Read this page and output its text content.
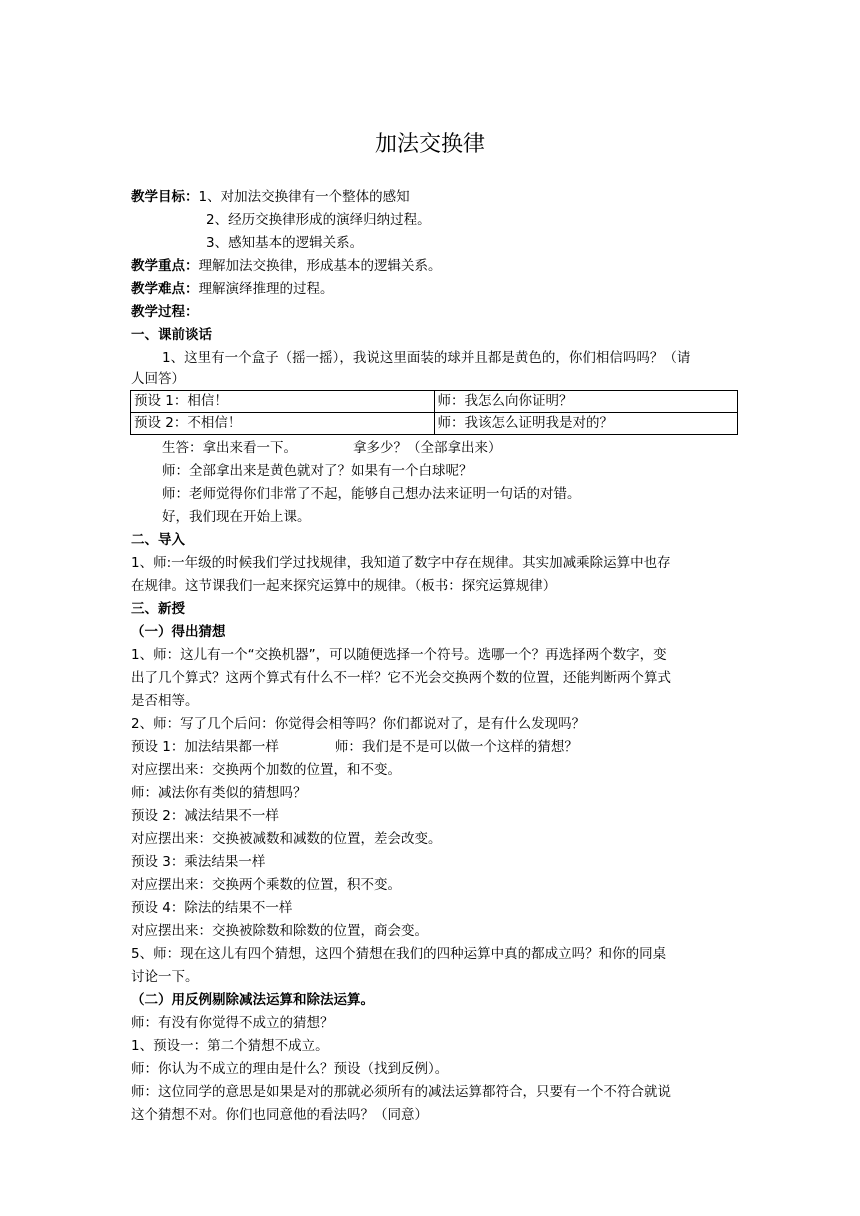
加法交换律
教学目标：1、对加法交换律有一个整体的感知
2、经历交换律形成的演绎归纳过程。
3、感知基本的逻辑关系。
教学重点：理解加法交换律，形成基本的逻辑关系。
教学难点：理解演绎推理的过程。
教学过程：
一、课前谈话
1、这里有一个盒子（摇一摇），我说这里面装的球并且都是黄色的，你们相信吗吗？（请
人回答）
预设 1：相信！	师：我怎么向你证明？
预设 2：不相信！	师：我该怎么证明我是对的？
生答：拿出来看一下。	拿多少？（全部拿出来）
师：全部拿出来是黄色就对了？如果有一个白球呢？
师：老师觉得你们非常了不起，能够自己想办法来证明一句话的对错。
好，我们现在开始上课。
二、导入
1、师:一年级的时候我们学过找规律，我知道了数字中存在规律。其实加减乘除运算中也存
在规律。这节课我们一起来探究运算中的规律。（板书：探究运算规律）
三、新授
（一）得出猜想
1、师：这儿有一个“交换机器”，可以随便选择一个符号。选哪一个？再选择两个数字，变
出了几个算式？这两个算式有什么不一样？它不光会交换两个数的位置，还能判断两个算式
是否相等。
2、师：写了几个后问：你觉得会相等吗？你们都说对了，是有什么发现吗？
预设 1：加法结果都一样	师：我们是不是可以做一个这样的猜想？
对应摆出来：交换两个加数的位置，和不变。
师：减法你有类似的猜想吗？
预设 2：减法结果不一样
对应摆出来：交换被减数和减数的位置，差会改变。
预设 3：乘法结果一样
对应摆出来：交换两个乘数的位置，积不变。
预设 4：除法的结果不一样
对应摆出来：交换被除数和除数的位置，商会变。
5、师：现在这儿有四个猜想，这四个猜想在我们的四种运算中真的都成立吗？和你的同桌
讨论一下。
（二）用反例剔除减法运算和除法运算。
师：有没有你觉得不成立的猜想？
1、预设一：第二个猜想不成立。
师：你认为不成立的理由是什么？预设（找到反例）。
师：这位同学的意思是如果是对的那就必须所有的减法运算都符合，只要有一个不符合就说
这个猜想不对。你们也同意他的看法吗？（同意）
